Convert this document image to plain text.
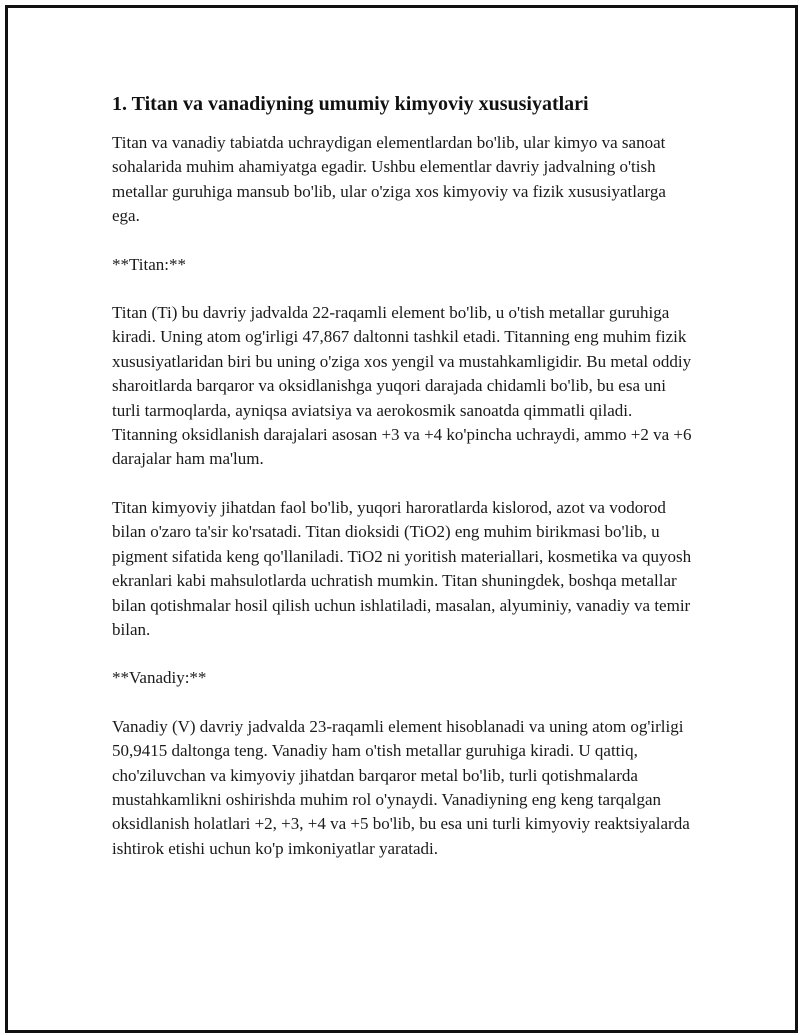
1. Titan va vanadiyning umumiy kimyoviy xususiyatlari

Titan va vanadiy tabiatda uchraydigan elementlardan bo'lib, ular kimyo va sanoat sohalarida muhim ahamiyatga egadir. Ushbu elementlar davriy jadvalning o'tish metallar guruhiga mansub bo'lib, ular o'ziga xos kimyoviy va fizik xususiyatlarga ega.

**Titan:**

Titan (Ti) bu davriy jadvalda 22-raqamli element bo'lib, u o'tish metallar guruhiga kiradi. Uning atom og'irligi 47,867 daltonni tashkil etadi. Titanning eng muhim fizik xususiyatlaridan biri bu uning o'ziga xos yengil va mustahkamligidir. Bu metal oddiy sharoitlarda barqaror va oksidlanishga yuqori darajada chidamli bo'lib, bu esa uni turli tarmoqlarda, ayniqsa aviatsiya va aerokosmik sanoatda qimmatli qiladi. Titanning oksidlanish darajalari asosan +3 va +4 ko'pincha uchraydi, ammo +2 va +6 darajalar ham ma'lum.

Titan kimyoviy jihatdan faol bo'lib, yuqori haroratlarda kislorod, azot va vodorod bilan o'zaro ta'sir ko'rsatadi. Titan dioksidi (TiO2) eng muhim birikmasi bo'lib, u pigment sifatida keng qo'llaniladi. TiO2 ni yoritish materiallari, kosmetika va quyosh ekranlari kabi mahsulotlarda uchratish mumkin. Titan shuningdek, boshqa metallar bilan qotishmalar hosil qilish uchun ishlatiladi, masalan, alyuminiy, vanadiy va temir bilan.

**Vanadiy:**

Vanadiy (V) davriy jadvalda 23-raqamli element hisoblanadi va uning atom og'irligi 50,9415 daltonga teng. Vanadiy ham o'tish metallar guruhiga kiradi. U qattiq, cho'ziluvchan va kimyoviy jihatdan barqaror metal bo'lib, turli qotishmalarda mustahkamlikni oshirishda muhim rol o'ynaydi. Vanadiyning eng keng tarqalgan oksidlanish holatlari +2, +3, +4 va +5 bo'lib, bu esa uni turli kimyoviy reaktsiyalarda ishtirok etishi uchun ko'p imkoniyatlar yaratadi.
